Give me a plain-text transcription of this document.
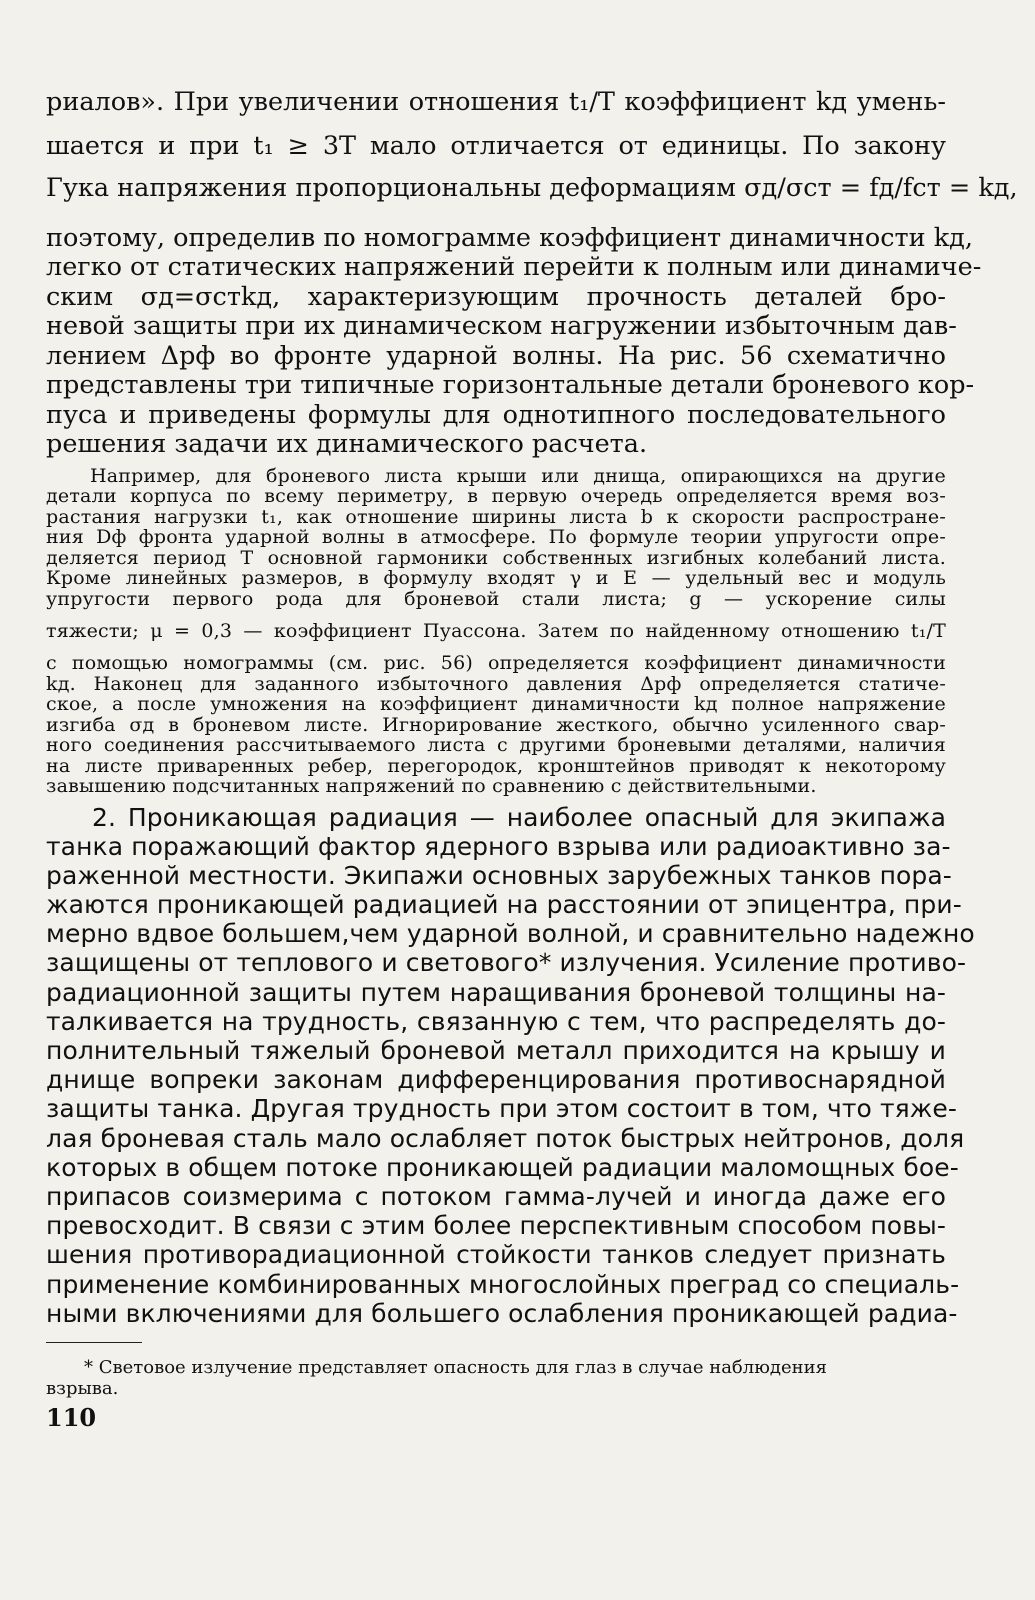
риалов». При увеличении отношения t₁/T коэффициент kд умень-
шается и при t₁ ≥ 3T мало отличается от единицы. По закону
Гука напряжения пропорциональны деформациям σд/σст = fд/fст = kд,
поэтому, определив по номограмме коэффициент динамичности kд,
легко от статических напряжений перейти к полным или динамиче-
ским σд=σстkд, характеризующим прочность деталей бро-
невой защиты при их динамическом нагружении избыточным дав-
лением Δpф во фронте ударной волны. На рис. 56 схематично
представлены три типичные горизонтальные детали броневого кор-
пуса и приведены формулы для однотипного последовательного
решения задачи их динамического расчета.
Например, для броневого листа крыши или днища, опирающихся на другие
детали корпуса по всему периметру, в первую очередь определяется время воз-
растания нагрузки t₁, как отношение ширины листа b к скорости распростране-
ния Dф фронта ударной волны в атмосфере. По формуле теории упругости опре-
деляется период T основной гармоники собственных изгибных колебаний листа.
Кроме линейных размеров, в формулу входят γ и E — удельный вес и модуль
упругости первого рода для броневой стали листа; g — ускорение силы
тяжести; μ = 0,3 — коэффициент Пуассона. Затем по найденному отношению t₁/T
с помощью номограммы (см. рис. 56) определяется коэффициент динамичности
kд. Наконец для заданного избыточного давления Δpф определяется статиче-
ское, а после умножения на коэффициент динамичности kд полное напряжение
изгиба σд в броневом листе. Игнорирование жесткого, обычно усиленного свар-
ного соединения рассчитываемого листа с другими броневыми деталями, наличия
на листе приваренных ребер, перегородок, кронштейнов приводят к некоторому
завышению подсчитанных напряжений по сравнению с действительными.
2. Проникающая радиация — наиболее опасный для экипажа
танка поражающий фактор ядерного взрыва или радиоактивно за-
раженной местности. Экипажи основных зарубежных танков пора-
жаются проникающей радиацией на расстоянии от эпицентра, при-
мерно вдвое большем,чем ударной волной, и сравнительно надежно
защищены от теплового и светового* излучения. Усиление противо-
радиационной защиты путем наращивания броневой толщины на-
талкивается на трудность, связанную с тем, что распределять до-
полнительный тяжелый броневой металл приходится на крышу и
днище вопреки законам дифференцирования противоснарядной
защиты танка. Другая трудность при этом состоит в том, что тяже-
лая броневая сталь мало ослабляет поток быстрых нейтронов, доля
которых в общем потоке проникающей радиации маломощных бое-
припасов соизмерима с потоком гамма-лучей и иногда даже его
превосходит. В связи с этим более перспективным способом повы-
шения противорадиационной стойкости танков следует признать
применение комбинированных многослойных преград со специаль-
ными включениями для большего ослабления проникающей радиа-
* Световое излучение представляет опасность для глаз в случае наблюдения
взрыва.
110
